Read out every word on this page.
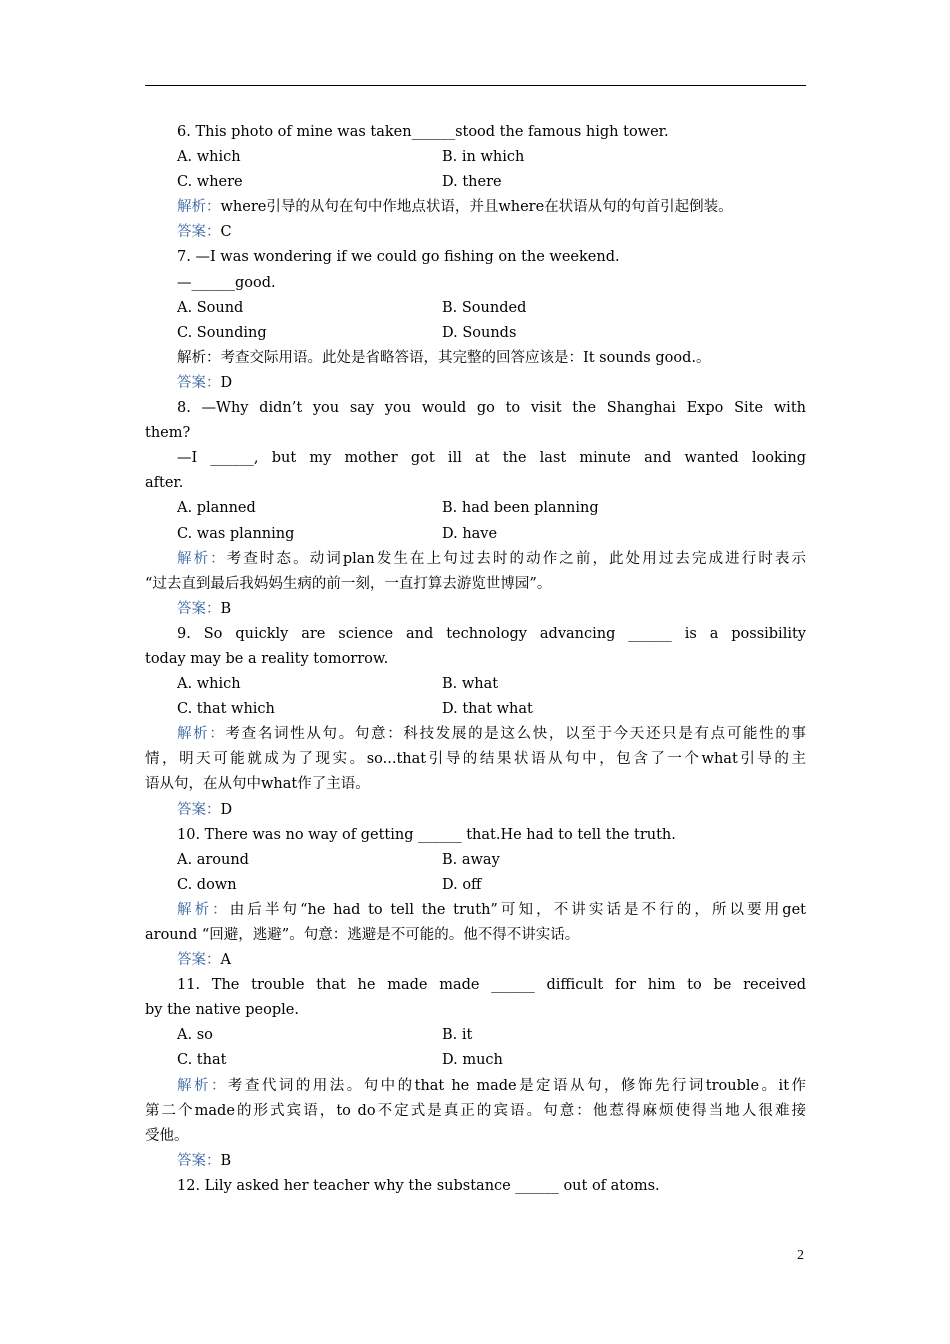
6. This photo of mine was taken______stood the famous high tower.
A. which	B. in which
C. where	D. there
解析：where引导的从句在句中作地点状语，并且where在状语从句的句首引起倒装。
答案：C
7. —I was wondering if we could go fishing on the weekend.
—______good.
A. Sound	B. Sounded
C. Sounding	D. Sounds
解析：考查交际用语。此处是省略答语，其完整的回答应该是：It sounds good.。
答案：D
8. —Why didn’t you say you would go to visit the Shanghai Expo Site with
them?
—I ______, but my mother got ill at the last minute and wanted looking
after.
A. planned	B. had been planning
C. was planning	D. have
解析：考查时态。动词plan发生在上句过去时的动作之前，此处用过去完成进行时表示
“过去直到最后我妈妈生病的前一刻，一直打算去游览世博园”。
答案：B
9. So quickly are science and technology advancing ______ is a possibility
today may be a reality tomorrow.
A. which	B. what
C. that which	D. that what
解析：考查名词性从句。句意：科技发展的是这么快，以至于今天还只是有点可能性的事
情，明天可能就成为了现实。so...that引导的结果状语从句中，包含了一个what引导的主
语从句，在从句中what作了主语。
答案：D
10. There was no way of getting ______ that.He had to tell the truth.
A. around	B. away
C. down	D. off
解析：由后半句“he had to tell the truth”可知，不讲实话是不行的，所以要用get
around “回避，逃避”。句意：逃避是不可能的。他不得不讲实话。
答案：A
11. The trouble that he made made ______ difficult for him to be received
by the native people.
A. so	B. it
C. that	D. much
解析：考查代词的用法。句中的that he made是定语从句，修饰先行词trouble。it作
第二个made的形式宾语，to do不定式是真正的宾语。句意：他惹得麻烦使得当地人很难接
受他。
答案：B
12. Lily asked her teacher why the substance ______ out of atoms.
2
